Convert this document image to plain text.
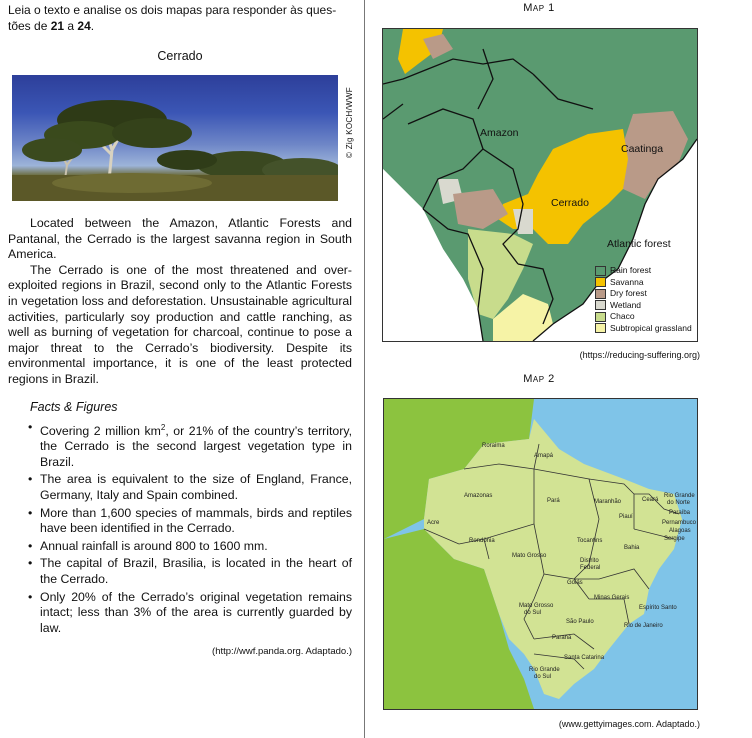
Leia o texto e analise os dois mapas para responder às ques-
tões de 21 a 24.
Cerrado
© Zig KOCH/WWF

Located between the Amazon, Atlantic Forests and Pantanal, the Cerrado is the largest savanna region in South America.

The Cerrado is one of the most threatened and over-exploited regions in Brazil, second only to the Atlantic Forests in vegetation loss and deforestation. Unsustainable agricultural activities, particularly soy production and cattle ranching, as well as burning of vegetation for charcoal, continue to pose a major threat to the Cerrado’s biodiversity. Despite its environmental importance, it is one of the least protected regions in Brazil.

Facts & Figures
• Covering 2 million $km^2$, or 21% of the country’s territory, the Cerrado is the second largest vegetation type in Brazil.
• The area is equivalent to the size of England, France, Germany, Italy and Spain combined.
• More than 1,600 species of mammals, birds and reptiles have been identified in the Cerrado.
• Annual rainfall is around 800 to 1600 mm.
• The capital of Brazil, Brasilia, is located in the heart of the Cerrado.
• Only 20% of the Cerrado’s original vegetation remains intact; less than 3% of the area is currently guarded by law.
(http://wwf.panda.org. Adaptado.)
Map 1
Amazon
Caatinga
Cerrado
Atlantic forest
Rain forest
Savanna
Dry forest
Wetland
Chaco
Subtropical grassland
(https://reducing-suffering.org)
Map 2
Roraima
Amapá
Amazonas
Pará	Maranhão	Ceará
Rio Grande
do Norte
Paraíba
Pernambuco
Alagoas
Sergipe
Piauí
Acre
Rondônia	Tocantins
Bahia
Mato Grosso
Distrito
Federal
Goiás
Minas Gerais
Espírito Santo
Mato Grosso
do Sul
São Paulo
Rio de Janeiro
Paraná
Santa Catarina
Rio Grande
do Sul
(www.gettyimages.com. Adaptado.)
